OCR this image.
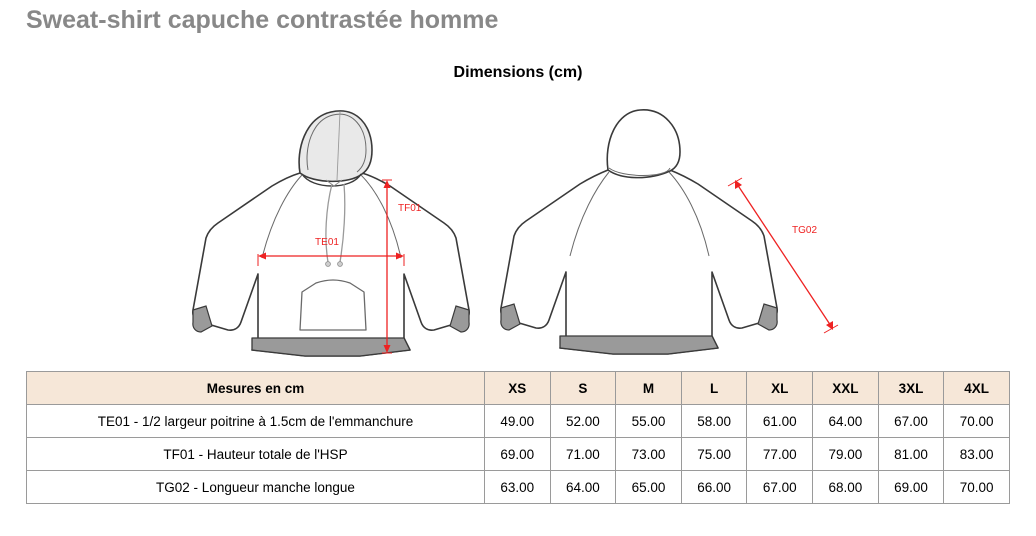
Sweat-shirt capuche contrastée homme
Dimensions (cm)
TE01
TF01
TG02
Mesures en cm	XS	S	M	L	XL	XXL	3XL	4XL
TE01 - 1/2 largeur poitrine à 1.5cm de l'emmanchure	49.00	52.00	55.00	58.00	61.00	64.00	67.00	70.00
TF01 - Hauteur totale de l'HSP	69.00	71.00	73.00	75.00	77.00	79.00	81.00	83.00
TG02 - Longueur manche longue	63.00	64.00	65.00	66.00	67.00	68.00	69.00	70.00
